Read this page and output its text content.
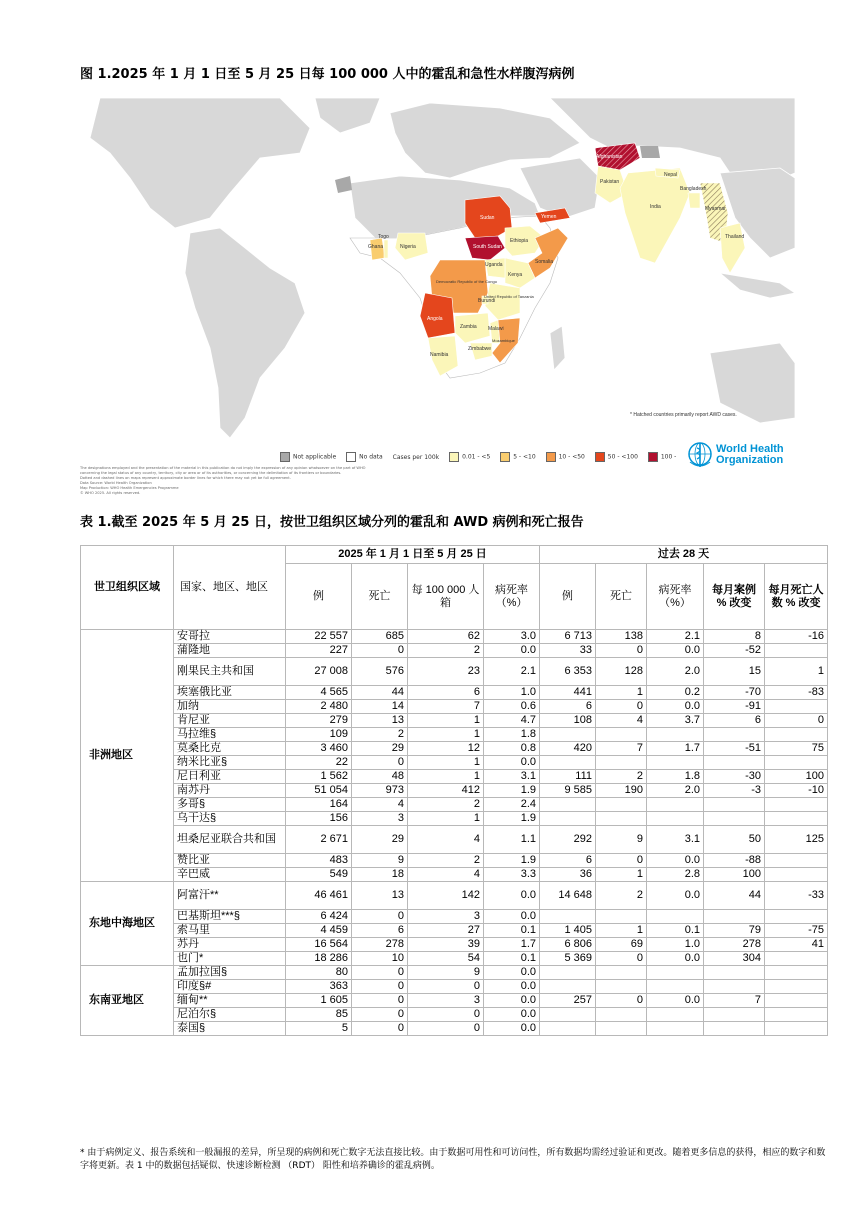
图 1.2025 年 1 月 1 日至 5 月 25 日每 100 000 人中的霍乱和急性水样腹泻病例
Sudan
South Sudan
Ethiopia
Yemen
Afghanistan
Pakistan
India
Nepal
Bangladesh
Myanmar
Thailand
Nigeria
Ghana
Togo
Somalia
Kenya
Uganda
Democratic Republic of the Congo
Burundi
United Republic of Tanzania
Angola
Zambia Malawi
Mozambique
Zimbabwe
Namibia
* Hatched countries primarily report AWD cases.
Not applicable	No data Cases per 100k	0.01 - <5	5 - <10	10 - <50	50 - <100	100 -
The designations employed and the presentation of the material in this publication do not imply the expression of any opinion whatsoever on the part of WHO
concerning the legal status of any country, territory, city or area or of its authorities, or concerning the delimitation of its frontiers or boundaries.
Dotted and dashed lines on maps represent approximate border lines for which there may not yet be full agreement.
Data Source: World Health Organization
Map Production: WHO Health Emergencies Programme
© WHO 2025. All rights reserved.
World Health
Organization
表 1.截至 2025 年 5 月 25 日，按世卫组织区域分列的霍乱和 AWD 病例和死亡报告
世卫组织区域	国家、地区、地区	2025 年 1 月 1 日至 5 月 25 日				过去 28 天				
		例	死亡	每 100 000 人箱	病死率（%）	例	死亡	病死率（%）	每月案例 % 改变	每月死亡人数 % 改变
非洲地区	安哥拉	22 557	685	62	3.0	6 713	138	2.1	8	-16
	蒲隆地	227	0	2	0.0	33	0	0.0	-52	
	刚果民主共和国	27 008	576	23	2.1	6 353	128	2.0	15	1
	埃塞俄比亚	4 565	44	6	1.0	441	1	0.2	-70	-83
	加纳	2 480	14	7	0.6	6	0	0.0	-91	
	肯尼亚	279	13	1	4.7	108	4	3.7	6	0
	马拉维§	109	2	1	1.8					
	莫桑比克	3 460	29	12	0.8	420	7	1.7	-51	75
	纳米比亚§	22	0	1	0.0					
	尼日利亚	1 562	48	1	3.1	111	2	1.8	-30	100
	南苏丹	51 054	973	412	1.9	9 585	190	2.0	-3	-10
	多哥§	164	4	2	2.4					
	乌干达§	156	3	1	1.9					
	坦桑尼亚联合共和国	2 671	29	4	1.1	292	9	3.1	50	125
	赞比亚	483	9	2	1.9	6	0	0.0	-88	
	辛巴威	549	18	4	3.3	36	1	2.8	100	
东地中海地区	阿富汗**	46 461	13	142	0.0	14 648	2	0.0	44	-33
	巴基斯坦***§	6 424	0	3	0.0					
	索马里	4 459	6	27	0.1	1 405	1	0.1	79	-75
	苏丹	16 564	278	39	1.7	6 806	69	1.0	278	41
	也门*	18 286	10	54	0.1	5 369	0	0.0	304	
东南亚地区	孟加拉国§	80	0	9	0.0					
	印度§#	363	0	0	0.0					
	缅甸**	1 605	0	3	0.0	257	0	0.0	7	
	尼泊尔§	85	0	0	0.0					
	泰国§	5	0	0	0.0					
* 由于病例定义、报告系统和一般漏报的差异，所呈现的病例和死亡数字无法直接比较。由于数据可用性和可访问性，所有数据均需经过验证和更改。随着更多信息的获得，相应的数字和数字将更新。表 1 中的数据包括疑似、快速诊断检测 （RDT） 阳性和培养确诊的霍乱病例。
